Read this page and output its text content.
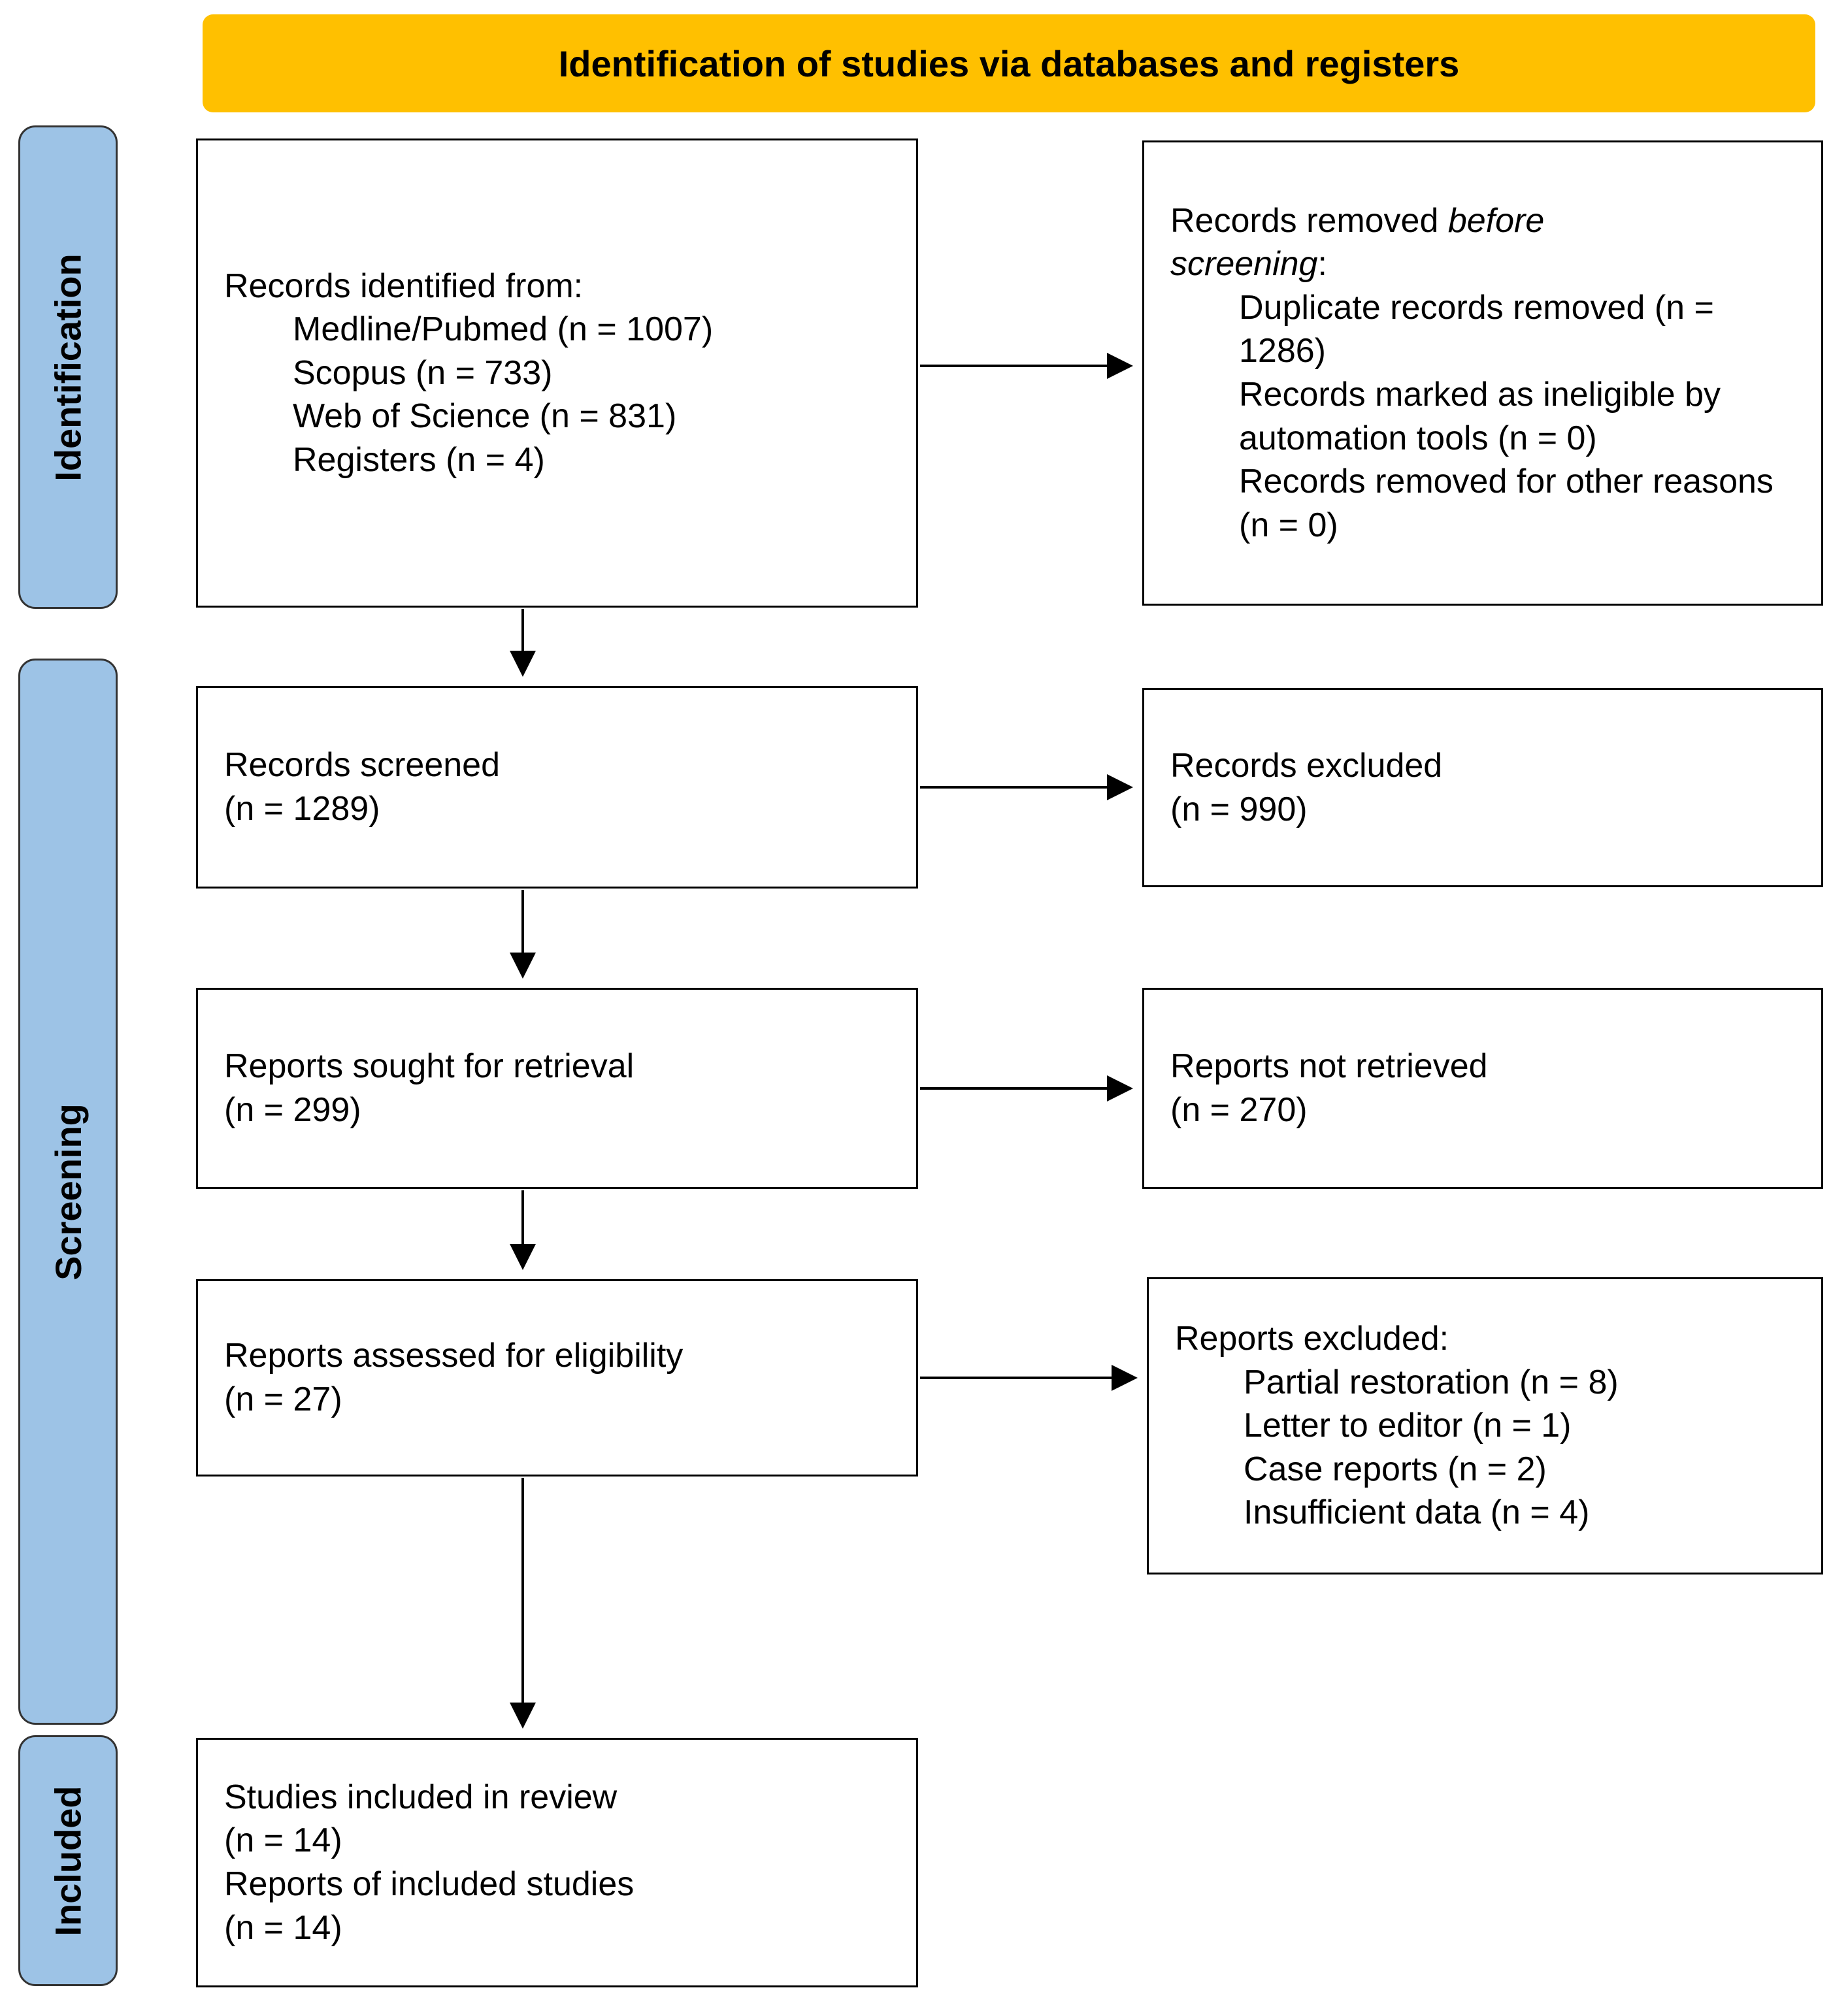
Identification of studies via databases and registers
Identification
Screening
Included
Records identified from:
Medline/Pubmed (n = 1007)
Scopus (n = 733)
Web of Science (n = 831)
Registers (n = 4)
Records removed before screening:
Duplicate records removed (n = 1286)
Records marked as ineligible by automation tools (n = 0)
Records removed for other reasons (n = 0)
Records screened
(n = 1289)
Records excluded
(n = 990)
Reports sought for retrieval
(n = 299)
Reports not retrieved
(n = 270)
Reports assessed for eligibility
(n = 27)
Reports excluded:
Partial restoration (n = 8)
Letter to editor (n = 1)
Case reports (n = 2)
Insufficient data (n = 4)
Studies included in review
(n = 14)
Reports of included studies
(n = 14)
